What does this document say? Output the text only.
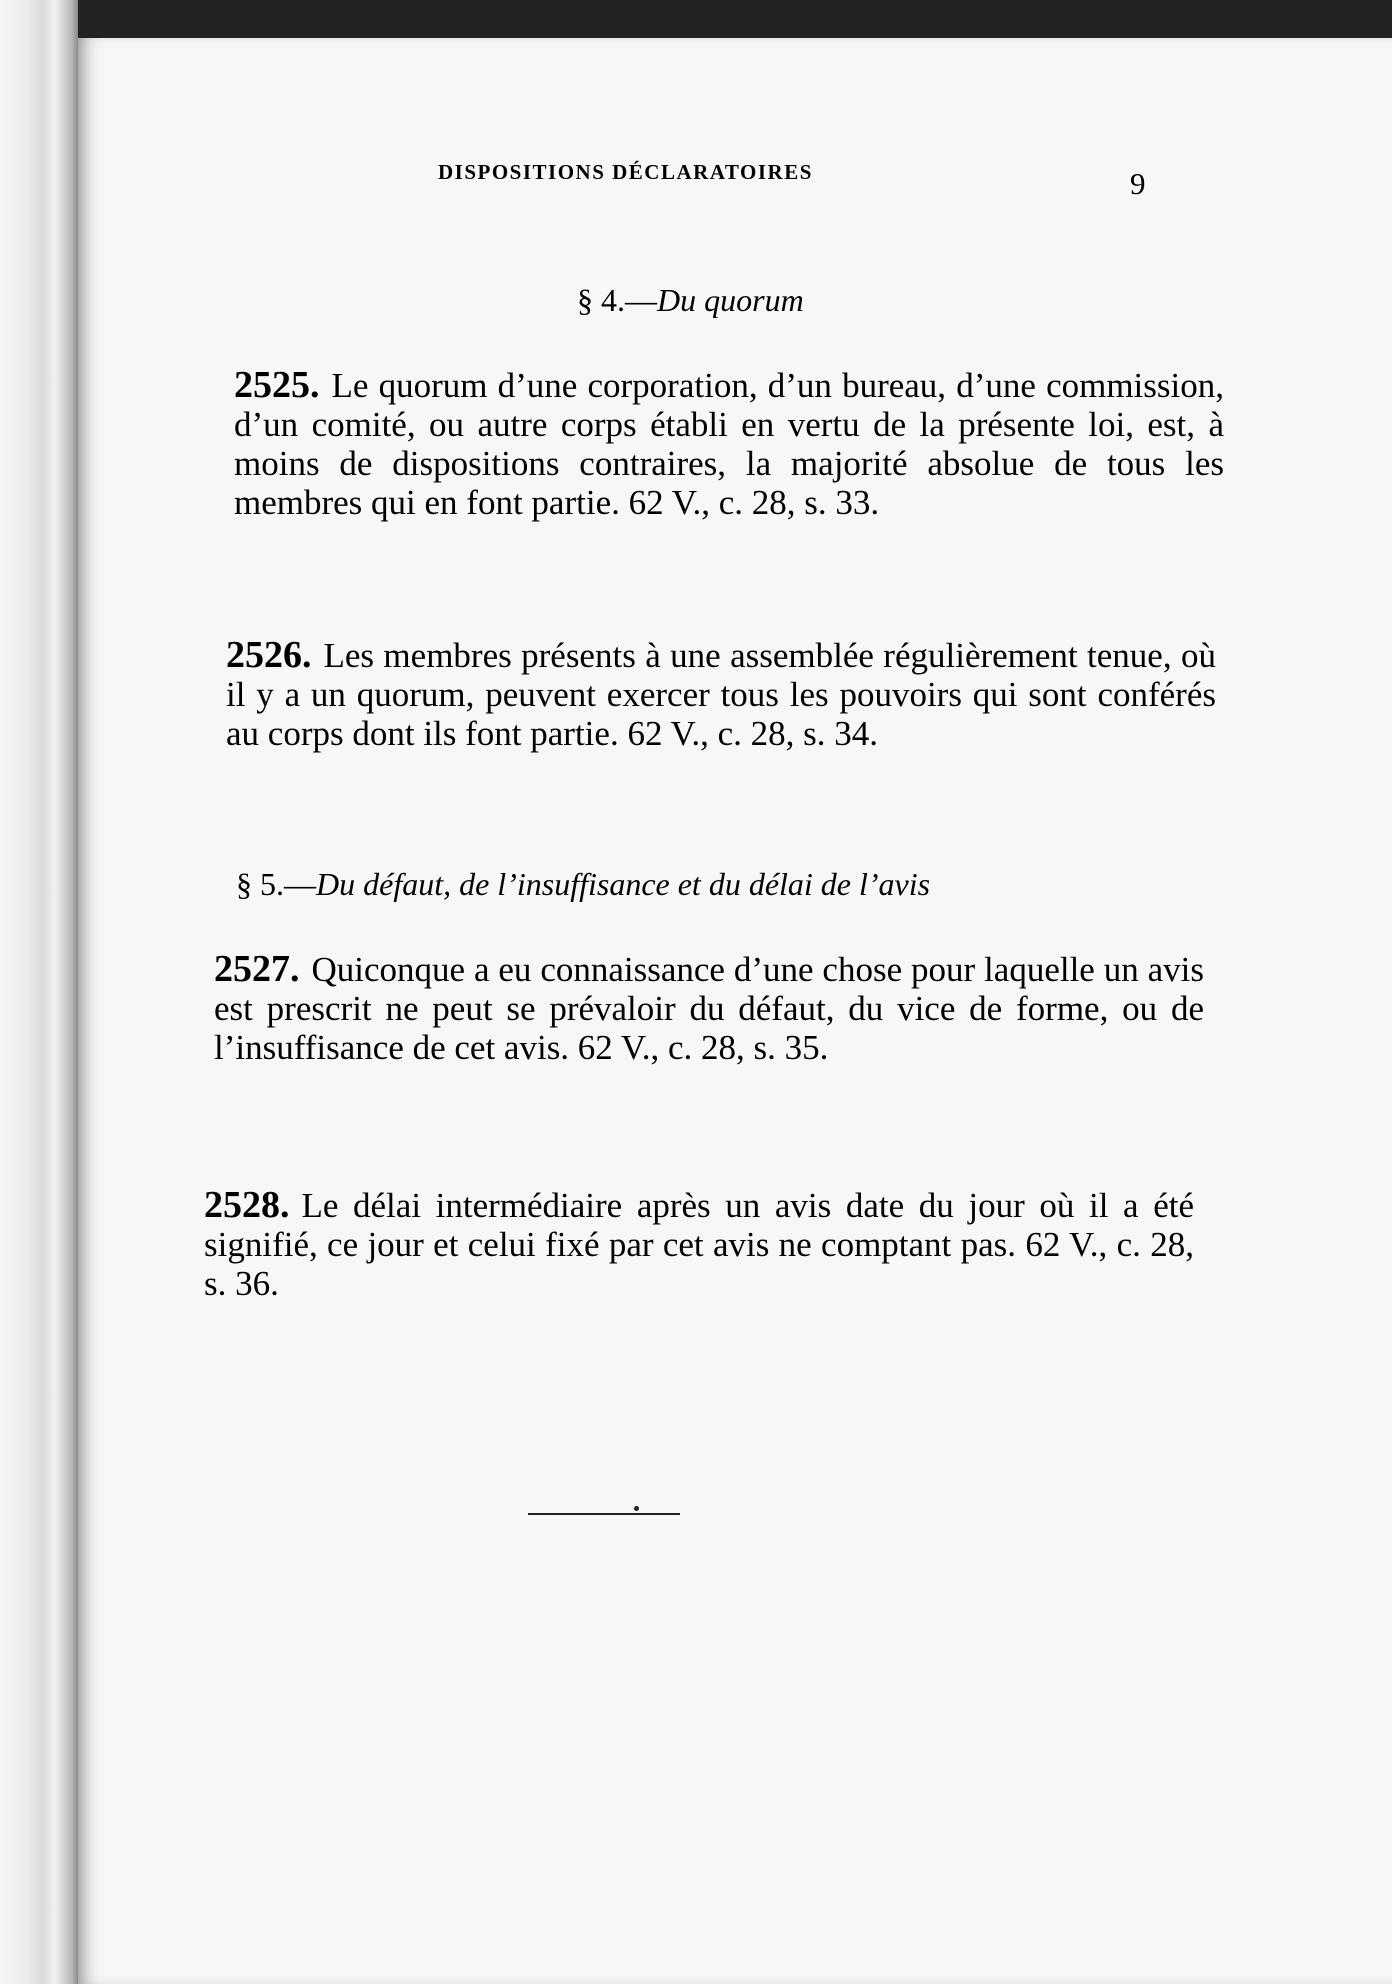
DISPOSITIONS DÉCLARATOIRES	9
§ 4.—Du quorum
2525. Le quorum d’une corporation, d’un bureau, d’une commission, d’un comité, ou autre corps établi en vertu de la présente loi, est, à moins de dispositions contraires, la majorité absolue de tous les membres qui en font partie. 62 V., c. 28, s. 33.
2526. Les membres présents à une assemblée régulièrement tenue, où il y a un quorum, peuvent exercer tous les pouvoirs qui sont conférés au corps dont ils font partie. 62 V., c. 28, s. 34.
§ 5.—Du défaut, de l’insuffisance et du délai de l’avis
2527. Quiconque a eu connaissance d’une chose pour laquelle un avis est prescrit ne peut se prévaloir du défaut, du vice de forme, ou de l’insuffisance de cet avis. 62 V., c. 28, s. 35.
2528. Le délai intermédiaire après un avis date du jour où il a été signifié, ce jour et celui fixé par cet avis ne comptant pas. 62 V., c. 28, s. 36.
